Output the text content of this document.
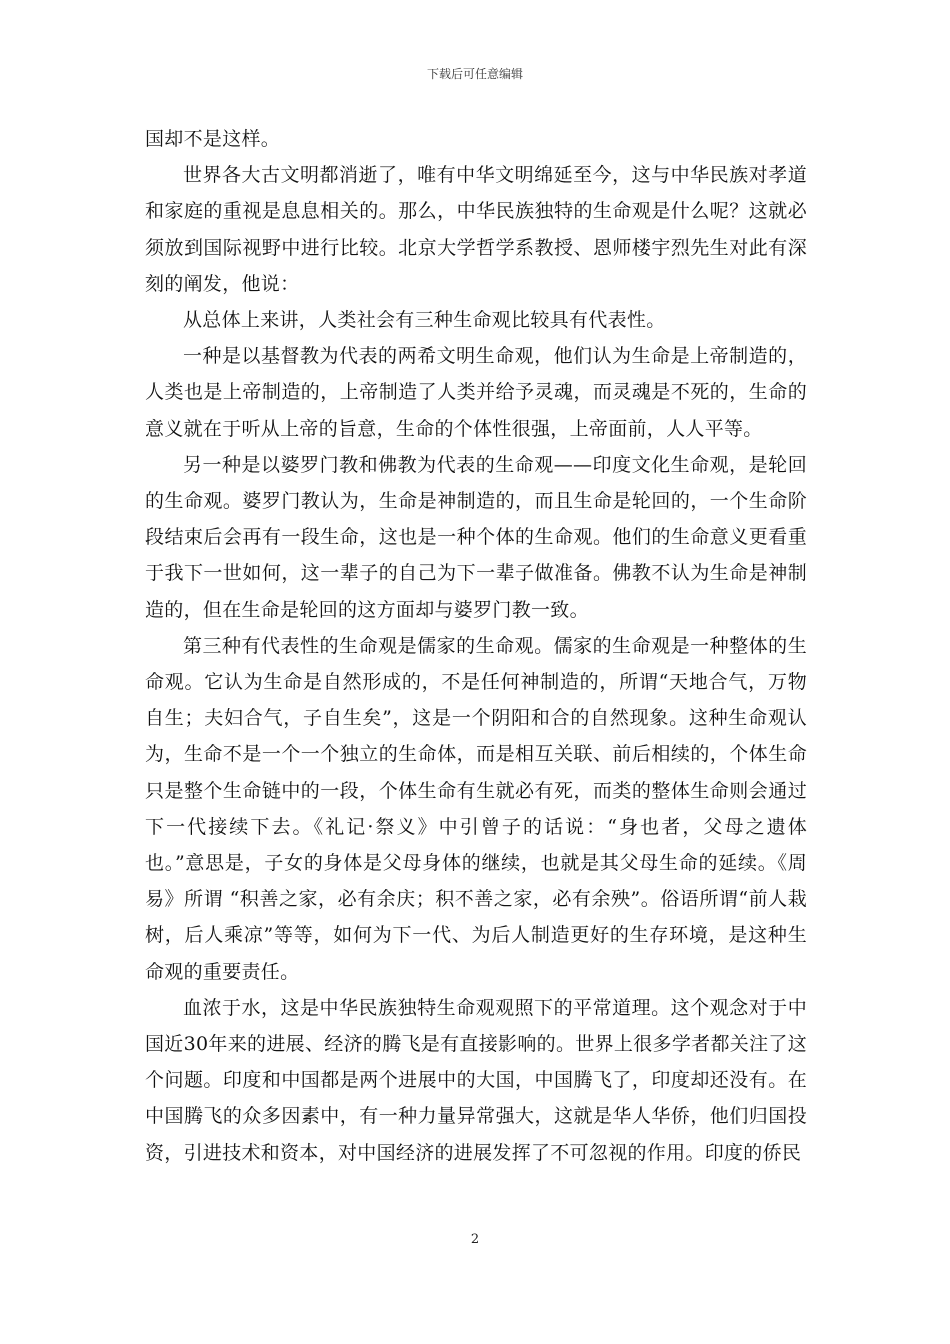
下载后可任意编辑

国却不是这样。

世界各大古文明都消逝了，唯有中华文明绵延至今，这与中华民族对孝道和家庭的重视是息息相关的。那么，中华民族独特的生命观是什么呢？这就必须放到国际视野中进行比较。北京大学哲学系教授、恩师楼宇烈先生对此有深刻的阐发，他说：

从总体上来讲，人类社会有三种生命观比较具有代表性。

一种是以基督教为代表的两希文明生命观，他们认为生命是上帝制造的，人类也是上帝制造的，上帝制造了人类并给予灵魂，而灵魂是不死的，生命的意义就在于听从上帝的旨意，生命的个体性很强，上帝面前，人人平等。

另一种是以婆罗门教和佛教为代表的生命观——印度文化生命观，是轮回的生命观。婆罗门教认为，生命是神制造的，而且生命是轮回的，一个生命阶段结束后会再有一段生命，这也是一种个体的生命观。他们的生命意义更看重于我下一世如何，这一辈子的自己为下一辈子做准备。佛教不认为生命是神制造的，但在生命是轮回的这方面却与婆罗门教一致。

第三种有代表性的生命观是儒家的生命观。儒家的生命观是一种整体的生命观。它认为生命是自然形成的，不是任何神制造的，所谓“天地合气，万物自生；夫妇合气，子自生矣”，这是一个阴阳和合的自然现象。这种生命观认为，生命不是一个一个独立的生命体，而是相互关联、前后相续的，个体生命只是整个生命链中的一段，个体生命有生就必有死，而类的整体生命则会通过下一代接续下去。《礼记·祭义》中引曾子的话说：“身也者，父母之遗体也。”意思是，子女的身体是父母身体的继续，也就是其父母生命的延续。《周易》所谓 “积善之家，必有余庆；积不善之家，必有余殃”。俗语所谓“前人栽树，后人乘凉”等等，如何为下一代、为后人制造更好的生存环境，是这种生命观的重要责任。

血浓于水，这是中华民族独特生命观观照下的平常道理。这个观念对于中国近30年来的进展、经济的腾飞是有直接影响的。世界上很多学者都关注了这个问题。印度和中国都是两个进展中的大国，中国腾飞了，印度却还没有。在中国腾飞的众多因素中，有一种力量异常强大，这就是华人华侨，他们归国投资，引进技术和资本，对中国经济的进展发挥了不可忽视的作用。印度的侨民

2
